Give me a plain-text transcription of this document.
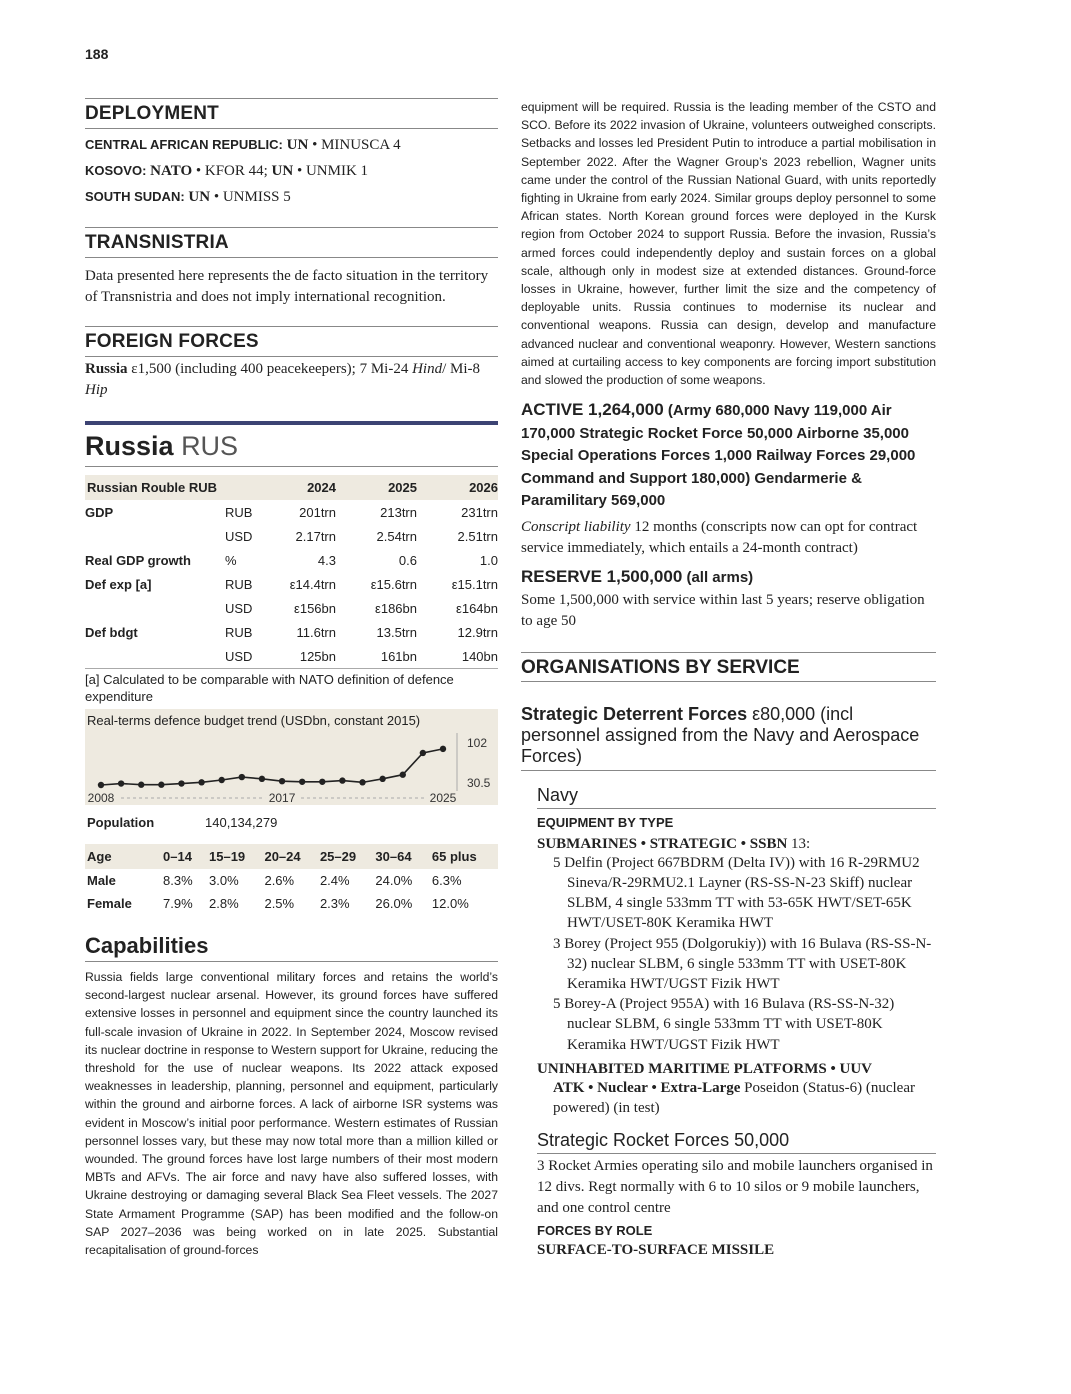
188
DEPLOYMENT

CENTRAL AFRICAN REPUBLIC: UN • MINUSCA 4

KOSOVO: NATO • KFOR 44; UN • UNMIK 1

SOUTH SUDAN: UN • UNMISS 5

TRANSNISTRIA

Data presented here represents the de facto situation in the territory of Transnistria and does not imply international recognition.

FOREIGN FORCES

Russia ε1,500 (including 400 peacekeepers); 7 Mi-24 Hind/ Mi-8 Hip

Russia RUS
Russian Rouble RUB		2024	2025	2026
GDP	RUB	201trn	213trn	231trn
	USD	2.17trn	2.54trn	2.51trn
Real GDP growth	%	4.3	0.6	1.0
Def exp [a]	RUB	ε14.4trn	ε15.6trn	ε15.1trn
	USD	ε156bn	ε186bn	ε164bn
Def bdgt	RUB	11.6trn	13.5trn	12.9trn
	USD	125bn	161bn	140bn
[a] Calculated to be comparable with NATO definition of defence expenditure
Real-terms defence budget trend (USDbn, constant 2015)
102
30.5
2008	2017	2025
Population	140,134,279
Age	0–14	15–19	20–24	25–29	30–64	65 plus
Male	8.3%	3.0%	2.6%	2.4%	24.0%	6.3%
Female	7.9%	2.8%	2.5%	2.3%	26.0%	12.0%
Capabilities

Russia fields large conventional military forces and retains the world’s second-largest nuclear arsenal. However, its ground forces have suffered extensive losses in personnel and equipment since the country launched its full-scale invasion of Ukraine in 2022. In September 2024, Moscow revised its nuclear doctrine in response to Western support for Ukraine, reducing the threshold for the use of nuclear weapons. Its 2022 attack exposed weaknesses in leadership, planning, personnel and equipment, particularly within the ground and airborne forces. A lack of airborne ISR systems was evident in Moscow’s initial poor performance. Western estimates of Russian personnel losses vary, but these may now total more than a million killed or wounded. The ground forces have lost large numbers of their most modern MBTs and AFVs. The air force and navy have also suffered losses, with Ukraine destroying or damaging several Black Sea Fleet vessels. The 2027 State Armament Programme (SAP) has been modified and the follow-on SAP 2027–2036 was being worked on in late 2025. Substantial recapitalisation of ground-forces

equipment will be required. Russia is the leading member of the CSTO and SCO. Before its 2022 invasion of Ukraine, volunteers outweighed conscripts. Setbacks and losses led President Putin to introduce a partial mobilisation in September 2022. After the Wagner Group’s 2023 rebellion, Wagner units came under the control of the Russian National Guard, with units reportedly fighting in Ukraine from early 2024. Similar groups deploy personnel to some African states. North Korean ground forces were deployed in the Kursk region from October 2024 to support Russia. Before the invasion, Russia’s armed forces could independently deploy and sustain forces on a global scale, although only in modest size at extended distances. Ground-force losses in Ukraine, however, further limit the size and the competency of deployable units. Russia continues to modernise its nuclear and conventional weapons. Russia can design, develop and manufacture advanced nuclear and conventional weaponry. However, Western sanctions aimed at curtailing access to key components are forcing import substitution and slowed the production of some weapons.

ACTIVE 1,264,000 (Army 680,000 Navy 119,000 Air 170,000 Strategic Rocket Force 50,000 Airborne 35,000 Special Operations Forces 1,000 Railway Forces 29,000 Command and Support 180,000) Gendarmerie & Paramilitary 569,000

Conscript liability 12 months (conscripts now can opt for contract service immediately, which entails a 24-month contract)

RESERVE 1,500,000 (all arms)

Some 1,500,000 with service within last 5 years; reserve obligation to age 50

ORGANISATIONS BY SERVICE
Strategic Deterrent Forces ε80,000 (incl personnel assigned from the Navy and Aerospace Forces)
Navy
EQUIPMENT BY TYPE
SUBMARINES • STRATEGIC • SSBN 13:

5 Delfin (Project 667BDRM (Delta IV)) with 16 R-29RMU2 Sineva/R-29RMU2.1 Layner (RS-SS-N-23 Skiff) nuclear SLBM, 4 single 533mm TT with 53-65K HWT/SET-65K HWT/USET-80K Keramika HWT

3 Borey (Project 955 (Dolgorukiy)) with 16 Bulava (RS-SS-N-32) nuclear SLBM, 6 single 533mm TT with USET-80K Keramika HWT/UGST Fizik HWT

5 Borey-A (Project 955A) with 16 Bulava (RS-SS-N-32) nuclear SLBM, 6 single 533mm TT with USET-80K Keramika HWT/UGST Fizik HWT

UNINHABITED MARITIME PLATFORMS • UUV

ATK • Nuclear • Extra-Large Poseidon (Status-6) (nuclear powered) (in test)

Strategic Rocket Forces 50,000

3 Rocket Armies operating silo and mobile launchers organised in 12 divs. Regt normally with 6 to 10 silos or 9 mobile launchers, and one control centre

FORCES BY ROLE
SURFACE-TO-SURFACE MISSILE
